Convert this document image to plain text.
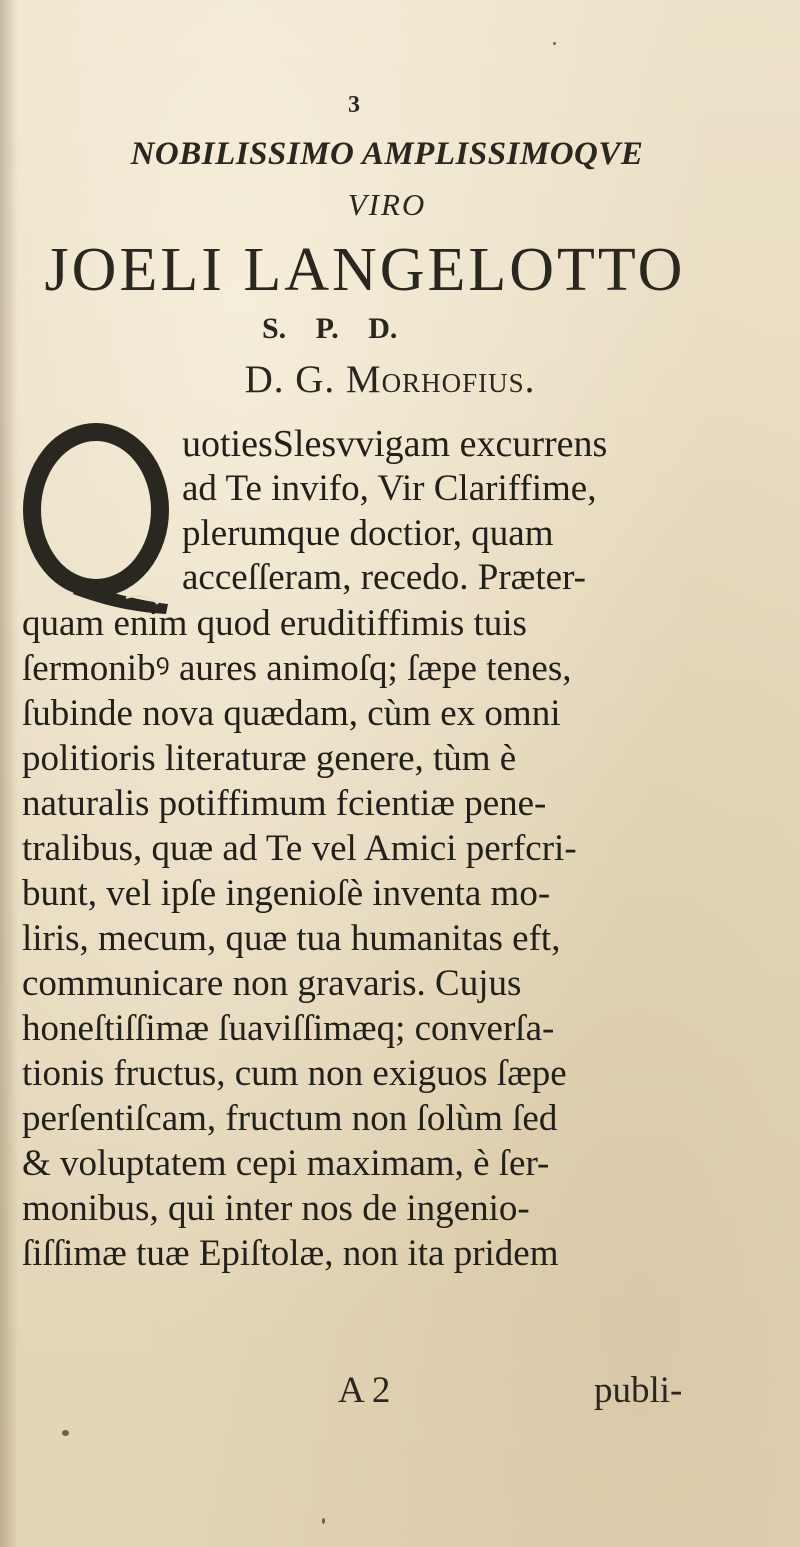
3
NOBILISSIMO AMPLISSIMOQVE
VIRO
JOELI LANGELOTTO
S. P. D.
D. G. Morhofius.
uotiesSlesvvigam excurrens
ad Te invifo, Vir Clariffime,
plerumque doctior, quam
acceſſeram, recedo. Præter-
quam enim quod eruditiffimis tuis
ſermonibꝰ aures animoſq; ſæpe tenes,
ſubinde nova quædam, cùm ex omni
politioris literaturæ genere, tùm è
naturalis potiffimum fcientiæ pene-
tralibus, quæ ad Te vel Amici perfcri-
bunt, vel ipſe ingenioſè inventa mo-
liris, mecum, quæ tua humanitas eft,
communicare non gravaris. Cujus
honeſtiſſimæ ſuaviſſimæq; converſa-
tionis fructus, cum non exiguos ſæpe
perſentiſcam, fructum non ſolùm ſed
& voluptatem cepi maximam, è ſer-
monibus, qui inter nos de ingenio-
ſiſſimæ tuæ Epiſtolæ, non ita pridem
A 2	publi-
